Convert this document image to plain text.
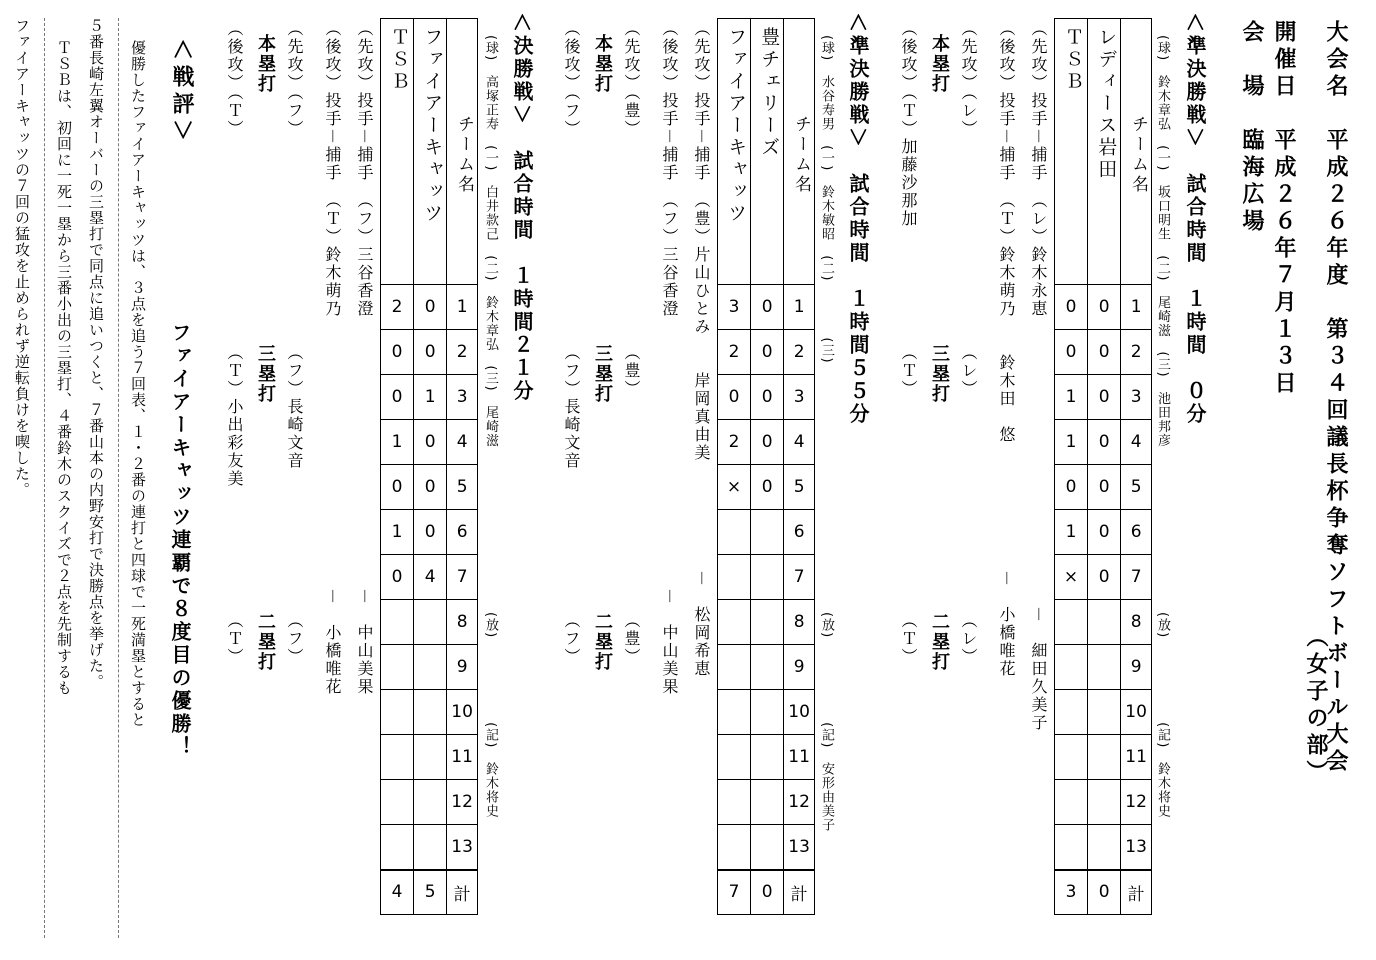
大会名　平成２６年度　第３４回議長杯争奪ソフトボール大会
（女子の部）
開催日　平成２６年７月１３日
会　場　臨海広場
＜準決勝戦＞　試合時間　１時間　０分
(球)　鈴木章弘　(一)　坂口明生　(二)　尾崎滋　(三)　池田邦彦
(放)　　　　　　(記)　鈴木将史
ＴＳＢ	レディース岩田	チーム名
0	0	1
0	0	2
1	0	3
1	0	4
0	0	5
1	0	6
×	0	7
		8
		9
		10
		11
		12
		13
3	0	計
（先攻）投手－捕手　（レ）鈴木永恵　　　　　　　　　　　　　　　　－　細田久美子
（後攻）投手－捕手　（Ｔ）鈴木萌乃　　鈴木田　悠　　　　　　　－　小橋唯花
（先攻）（レ）
本塁打
（後攻）（Ｔ）加藤沙那加
（レ）
三塁打
（Ｔ）
（レ）
二塁打
（Ｔ）
＜準決勝戦＞　試合時間　１時間５５分
(球)　水谷寿男　(一)　鈴木敏昭　(二)　　　　(三)
(放)　　　　　　(記)　安形由美子
ファイアーキャッツ	豊チェリーズ	チーム名
3	0	1
2	0	2
0	0	3
2	0	4
×	0	5
		6
		7
		8
		9
		10
		11
		12
		13
7	0	計
（先攻）投手－捕手　（豊）片山ひとみ　　岸岡真由美　　　　　　－　松岡希恵
（後攻）投手－捕手　（フ）三谷香澄　　　　　　　　　　　　　　　－　中山美果
（先攻）（豊）
本塁打
（後攻）（フ）
（豊）
三塁打
（フ）長崎文音
（豊）
二塁打
（フ）
＜決勝戦＞　試合時間　１時間２１分
(球)　高塚正寿　(一)　白井款己　(二)　鈴木章弘　(三)　尾崎滋
(放)　　　　　　(記)　鈴木将史
ＴＳＢ	ファイアーキャッツ	チーム名
2	0	1
0	0	2
0	1	3
1	0	4
0	0	5
1	0	6
0	4	7
		8
		9
		10
		11
		12
		13
4	5	計
（先攻）投手－捕手　（フ）三谷香澄　　　　　　　　　　　　　　　－　中山美果
（後攻）投手－捕手　（Ｔ）鈴木萌乃　　　　　　　　　　　　　　　－　小橋唯花
（先攻）（フ）
本塁打
（後攻）（Ｔ）
（フ）長崎文音
三塁打
（Ｔ）小出彩友美
（フ）
二塁打
（Ｔ）
＜戦評＞
ファイアーキャッツ連覇で８度目の優勝！
優勝したファイアーキャッツは、３点を追う７回表、１・２番の連打と四球で一死満塁とすると
５番長崎左翼オーバーの三塁打で同点に追いつくと、７番山本の内野安打で決勝点を挙げた。
ＴＳＢは、初回に一死一塁から三番小出の三塁打、４番鈴木のスクイズで２点を先制するも
ファイアーキャッツの７回の猛攻を止められず逆転負けを喫した。
